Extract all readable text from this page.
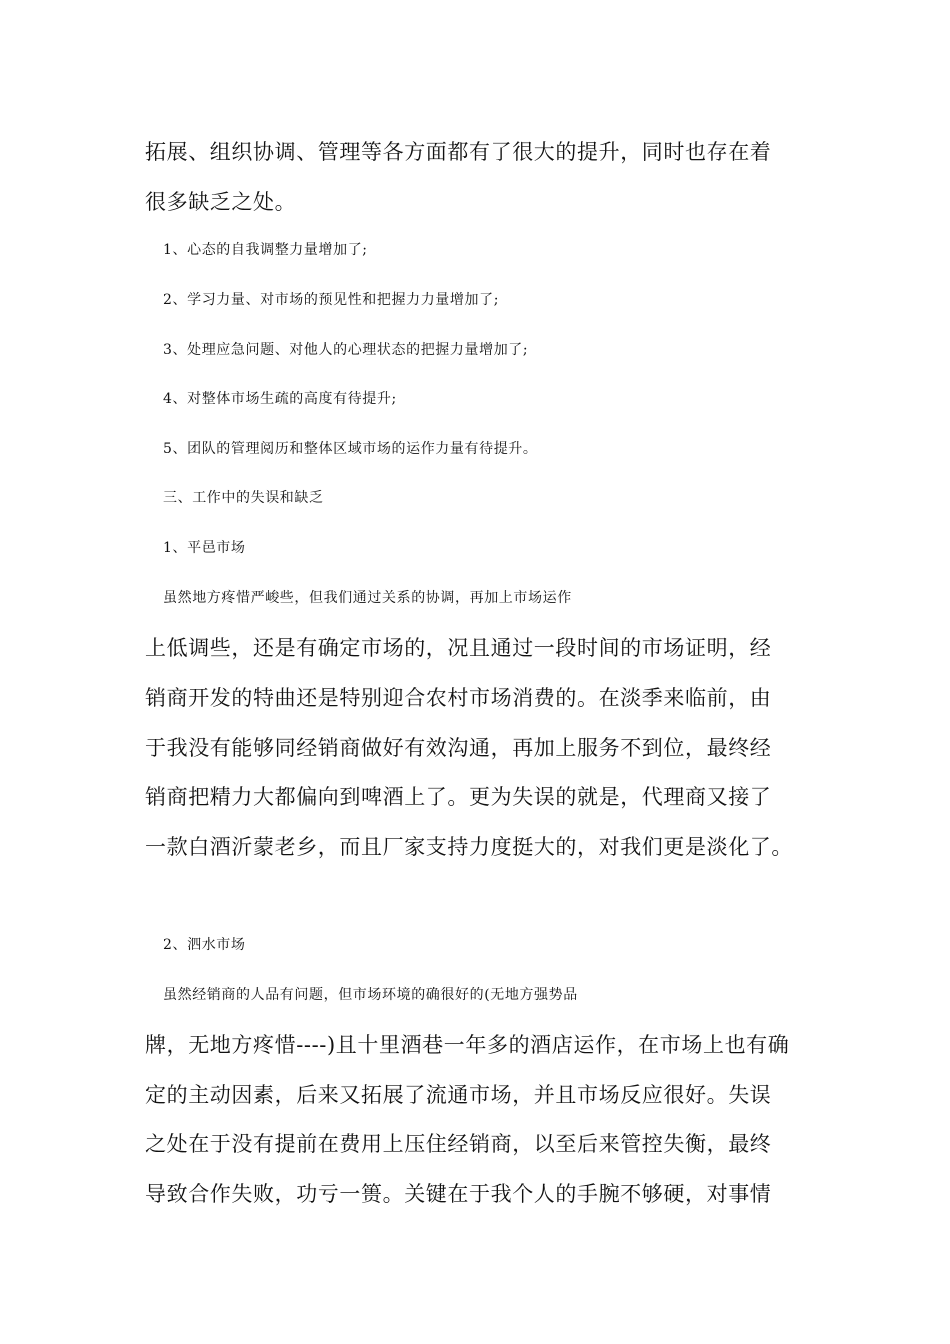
拓展、组织协调、管理等各方面都有了很大的提升，同时也存在着
很多缺乏之处。
1、心态的自我调整力量增加了;
2、学习力量、对市场的预见性和把握力力量增加了;
3、处理应急问题、对他人的心理状态的把握力量增加了;
4、对整体市场生疏的高度有待提升;
5、团队的管理阅历和整体区域市场的运作力量有待提升。
三、工作中的失误和缺乏
1、平邑市场
虽然地方疼惜严峻些，但我们通过关系的协调，再加上市场运作
上低调些，还是有确定市场的，况且通过一段时间的市场证明，经
销商开发的特曲还是特别迎合农村市场消费的。在淡季来临前，由
于我没有能够同经销商做好有效沟通，再加上服务不到位，最终经
销商把精力大都偏向到啤酒上了。更为失误的就是，代理商又接了
一款白酒沂蒙老乡，而且厂家支持力度挺大的，对我们更是淡化了。
2、泗水市场
虽然经销商的人品有问题，但市场环境的确很好的(无地方强势品
牌，无地方疼惜----)且十里酒巷一年多的酒店运作，在市场上也有确
定的主动因素，后来又拓展了流通市场，并且市场反应很好。失误
之处在于没有提前在费用上压住经销商，以至后来管控失衡，最终
导致合作失败，功亏一篑。关键在于我个人的手腕不够硬，对事情
